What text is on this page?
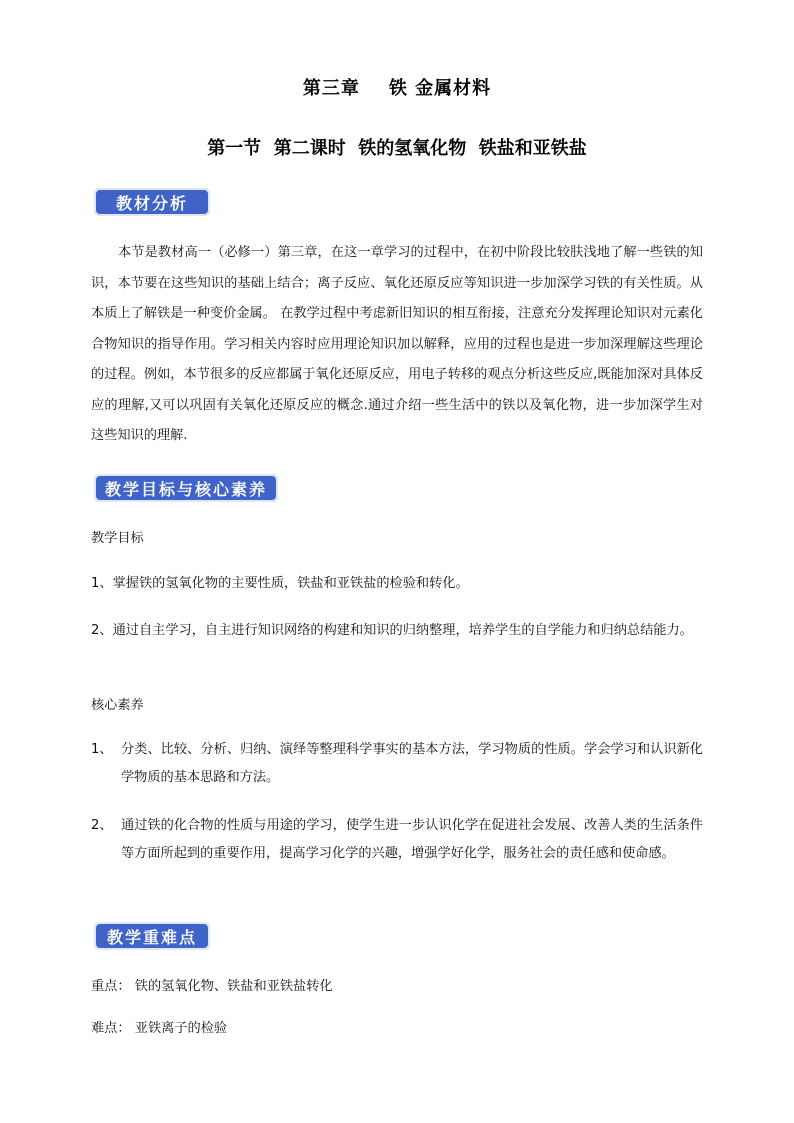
第三章    铁 金属材料
第一节  第二课时  铁的氢氧化物  铁盐和亚铁盐
教材分析
本节是教材高一（必修一）第三章，在这一章学习的过程中，在初中阶段比较肤浅地了解一些铁的知识，本节要在这些知识的基础上结合；离子反应、氧化还原反应等知识进一步加深学习铁的有关性质。从本质上了解铁是一种变价金属。 在教学过程中考虑新旧知识的相互衔接，注意充分发挥理论知识对元素化合物知识的指导作用。学习相关内容时应用理论知识加以解释，应用的过程也是进一步加深理解这些理论的过程。例如，本节很多的反应都属于氧化还原反应，用电子转移的观点分析这些反应,既能加深对具体反应的理解,又可以巩固有关氧化还原反应的概念.通过介绍一些生活中的铁以及氧化物，进一步加深学生对这些知识的理解.
教学目标与核心素养
教学目标
1、掌握铁的氢氧化物的主要性质，铁盐和亚铁盐的检验和转化。
2、通过自主学习，自主进行知识网络的构建和知识的归纳整理，培养学生的自学能力和归纳总结能力。
核心素养
1、 分类、比较、分析、归纳、演绎等整理科学事实的基本方法，学习物质的性质。学会学习和认识新化学物质的基本思路和方法。
2、 通过铁的化合物的性质与用途的学习，使学生进一步认识化学在促进社会发展、改善人类的生活条件等方面所起到的重要作用，提高学习化学的兴趣，增强学好化学，服务社会的责任感和使命感。
教学重难点
重点： 铁的氢氧化物、铁盐和亚铁盐转化
难点： 亚铁离子的检验
